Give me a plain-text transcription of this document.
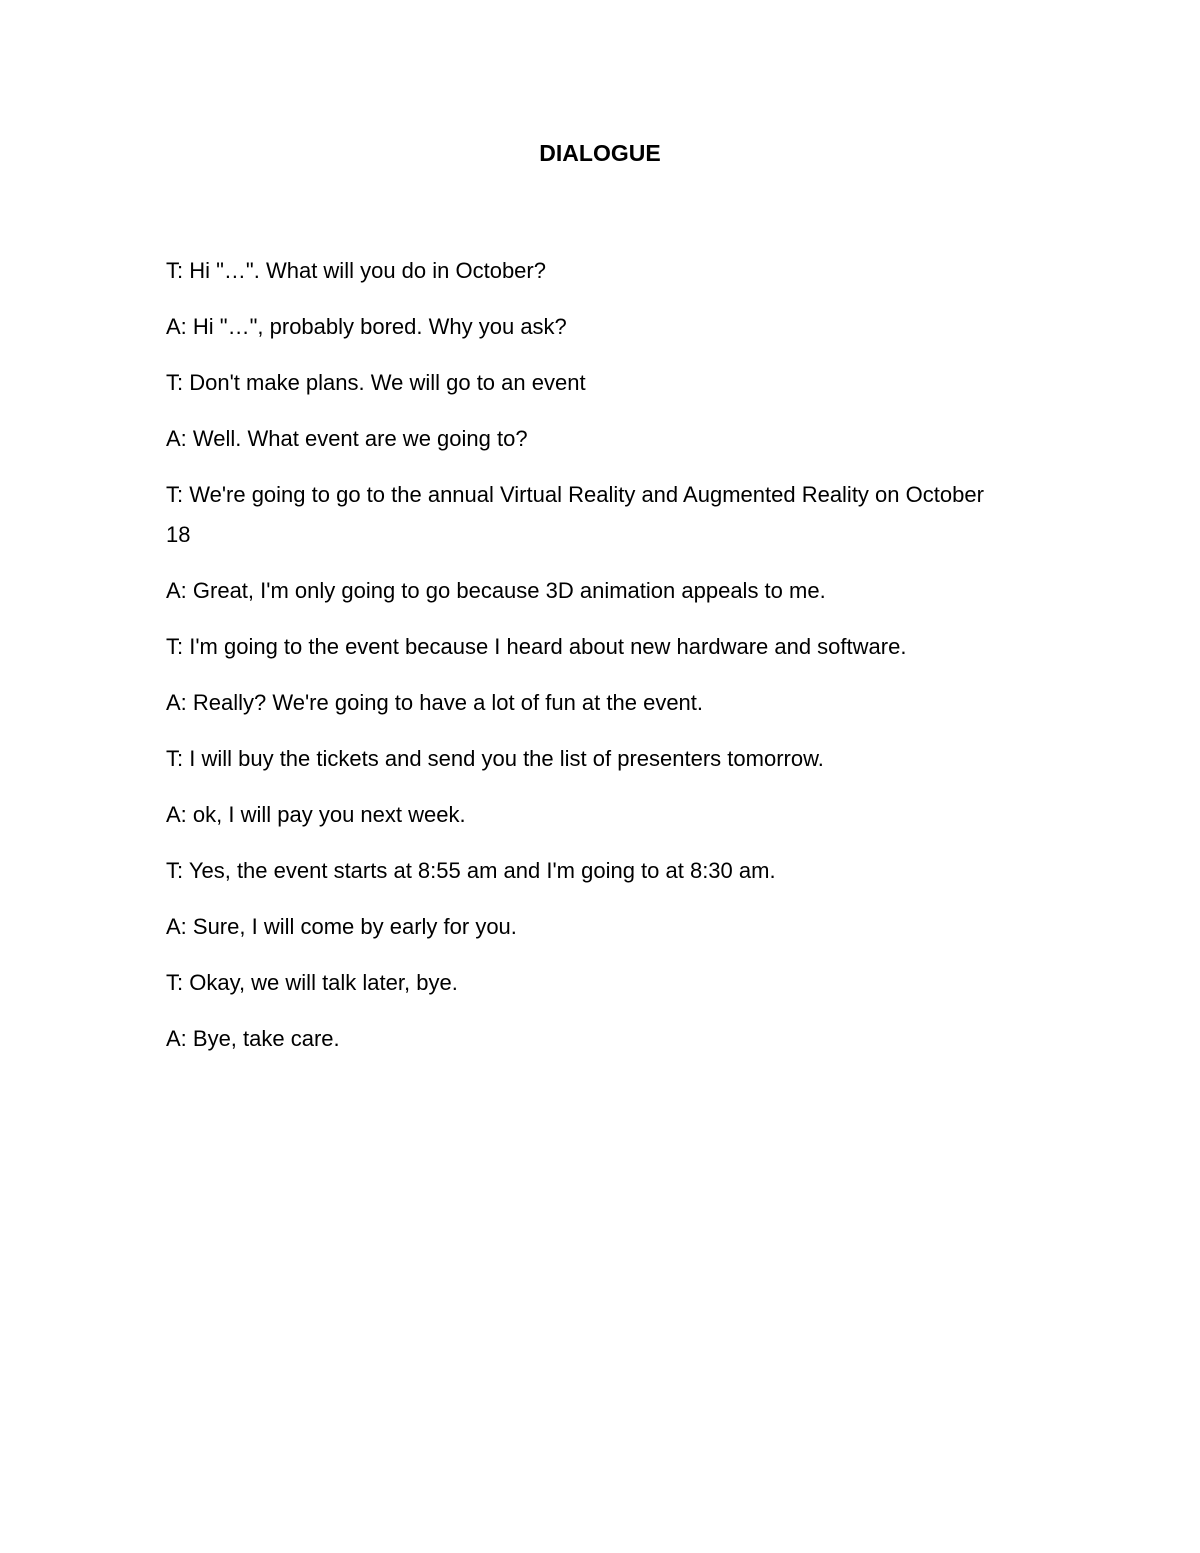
DIALOGUE
T: Hi "…". What will you do in October?
A: Hi "…", probably bored. Why you ask?
T: Don't make plans. We will go to an event
A: Well. What event are we going to?
T: We're going to go to the annual Virtual Reality and Augmented Reality on October 18
A: Great, I'm only going to go because 3D animation appeals to me.
T: I'm going to the event because I heard about new hardware and software.
A: Really? We're going to have a lot of fun at the event.
T: I will buy the tickets and send you the list of presenters tomorrow.
A: ok, I will pay you next week.
T: Yes, the event starts at 8:55 am and I'm going to at 8:30 am.
A: Sure, I will come by early for you.
T: Okay, we will talk later, bye.
A: Bye, take care.
